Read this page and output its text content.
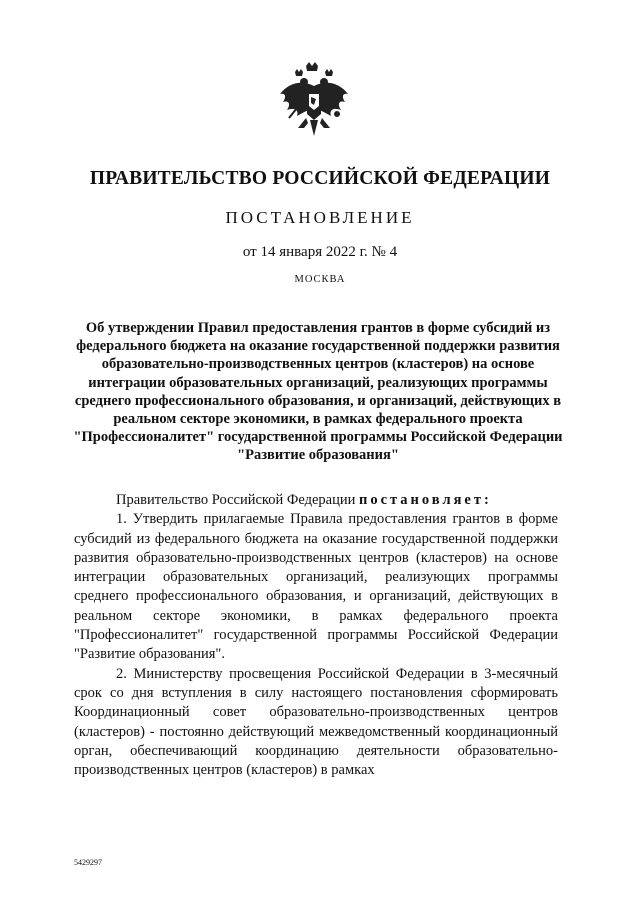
ПРАВИТЕЛЬСТВО РОССИЙСКОЙ ФЕДЕРАЦИИ
ПОСТАНОВЛЕНИЕ
от 14 января 2022 г. № 4
МОСКВА
Об утверждении Правил предоставления грантов в форме субсидий из федерального бюджета на оказание государственной поддержки развития образовательно-производственных центров (кластеров) на основе интеграции образовательных организаций, реализующих программы среднего профессионального образования, и организаций, действующих в реальном секторе экономики, в рамках федерального проекта "Профессионалитет" государственной программы Российской Федерации "Развитие образования"

Правительство Российской Федерации постановляет:

1. Утвердить прилагаемые Правила предоставления грантов в форме субсидий из федерального бюджета на оказание государственной поддержки развития образовательно-производственных центров (кластеров) на основе интеграции образовательных организаций, реализующих программы среднего профессионального образования, и организаций, действующих в реальном секторе экономики, в рамках федерального проекта "Профессионалитет" государственной программы Российской Федерации "Развитие образования".

2. Министерству просвещения Российской Федерации в 3-месячный срок со дня вступления в силу настоящего постановления сформировать Координационный совет образовательно-производственных центров (кластеров) - постоянно действующий межведомственный координационный орган, обеспечивающий координацию деятельности образовательно-производственных центров (кластеров) в рамках

5429297
